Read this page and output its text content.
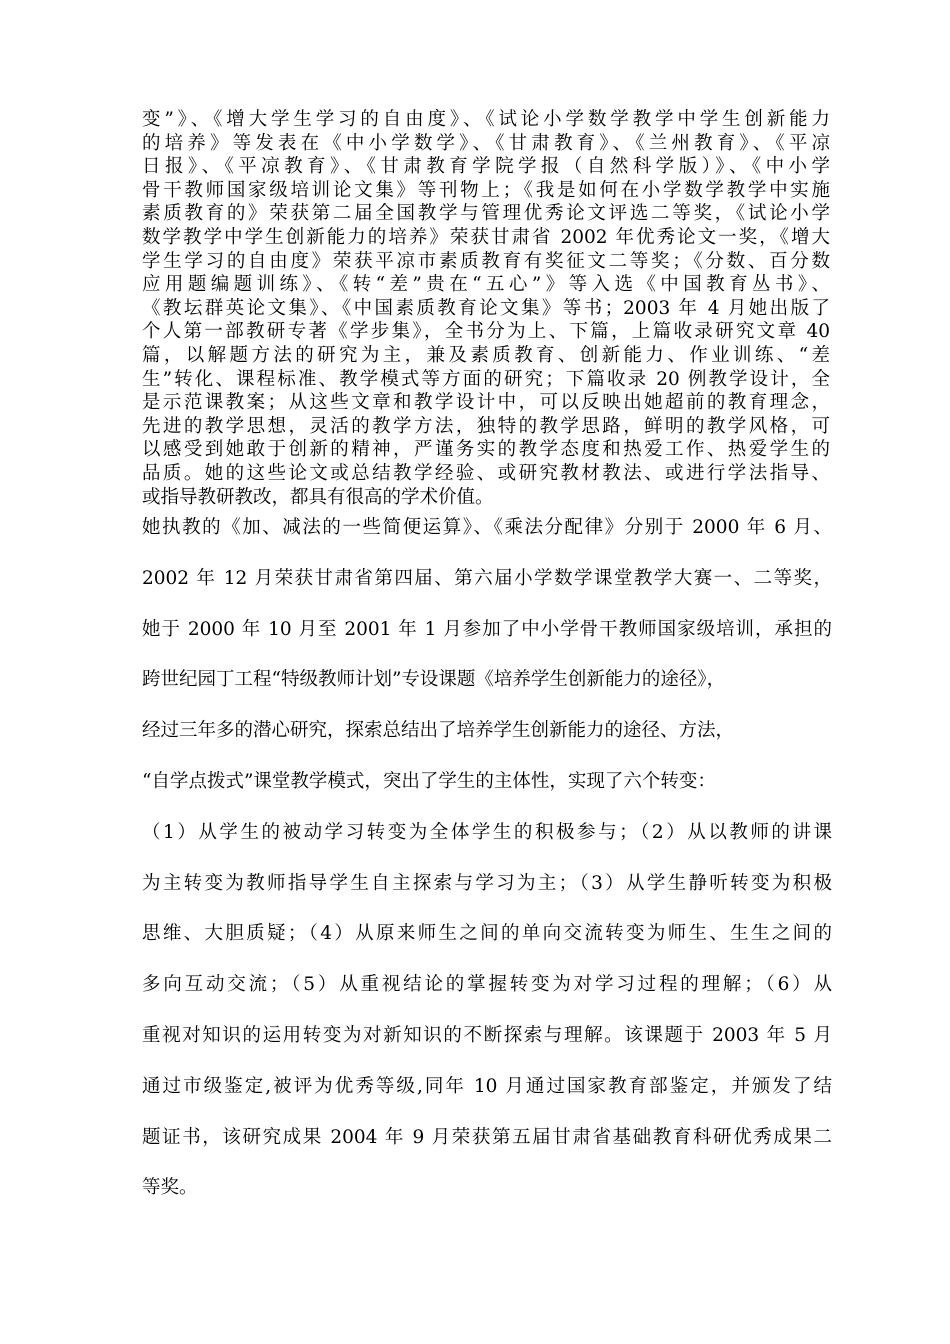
变”》、《增大学生学习的自由度》、《试论小学数学教学中学生创新能力
的培养》等发表在《中小学数学》、《甘肃教育》、《兰州教育》、《平凉
日报》、《平凉教育》、《甘肃教育学院学报（自然科学版）》、《中小学
骨干教师国家级培训论文集》等刊物上；《我是如何在小学数学教学中实施
素质教育的》荣获第二届全国教学与管理优秀论文评选二等奖，《试论小学
数学教学中学生创新能力的培养》荣获甘肃省 2002 年优秀论文一奖，《增大
学生学习的自由度》荣获平凉市素质教育有奖征文二等奖；《分数、百分数
应用题编题训练》、《转“差”贵在“五心”》等入选《中国教育丛书》、
《教坛群英论文集》、《中国素质教育论文集》等书；2003 年 4 月她出版了
个人第一部教研专著《学步集》，全书分为上、下篇，上篇收录研究文章 40
篇，以解题方法的研究为主，兼及素质教育、创新能力、作业训练、“差
生”转化、课程标准、教学模式等方面的研究；下篇收录 20 例教学设计，全
是示范课教案；从这些文章和教学设计中，可以反映出她超前的教育理念，
先进的教学思想，灵活的教学方法，独特的教学思路，鲜明的教学风格，可
以感受到她敢于创新的精神，严谨务实的教学态度和热爱工作、热爱学生的
品质。她的这些论文或总结教学经验、或研究教材教法、或进行学法指导、
或指导教研教改，都具有很高的学术价值。
她执教的《加、减法的一些简便运算》、《乘法分配律》分别于 2000 年 6 月、
2002 年 12 月荣获甘肃省第四届、第六届小学数学课堂教学大赛一、二等奖，
她于 2000 年 10 月至 2001 年 1 月参加了中小学骨干教师国家级培训，承担的
跨世纪园丁工程“特级教师计划”专设课题《培养学生创新能力的途径》，
经过三年多的潜心研究，探索总结出了培养学生创新能力的途径、方法，
“自学点拨式”课堂教学模式，突出了学生的主体性，实现了六个转变：
（1）从学生的被动学习转变为全体学生的积极参与；（2）从以教师的讲课
为主转变为教师指导学生自主探索与学习为主；（3）从学生静听转变为积极
思维、大胆质疑；（4）从原来师生之间的单向交流转变为师生、生生之间的
多向互动交流；（5）从重视结论的掌握转变为对学习过程的理解；（6）从
重视对知识的运用转变为对新知识的不断探索与理解。该课题于 2003 年 5 月
通过市级鉴定,被评为优秀等级,同年 10 月通过国家教育部鉴定，并颁发了结
题证书，该研究成果 2004 年 9 月荣获第五届甘肃省基础教育科研优秀成果二
等奖。
